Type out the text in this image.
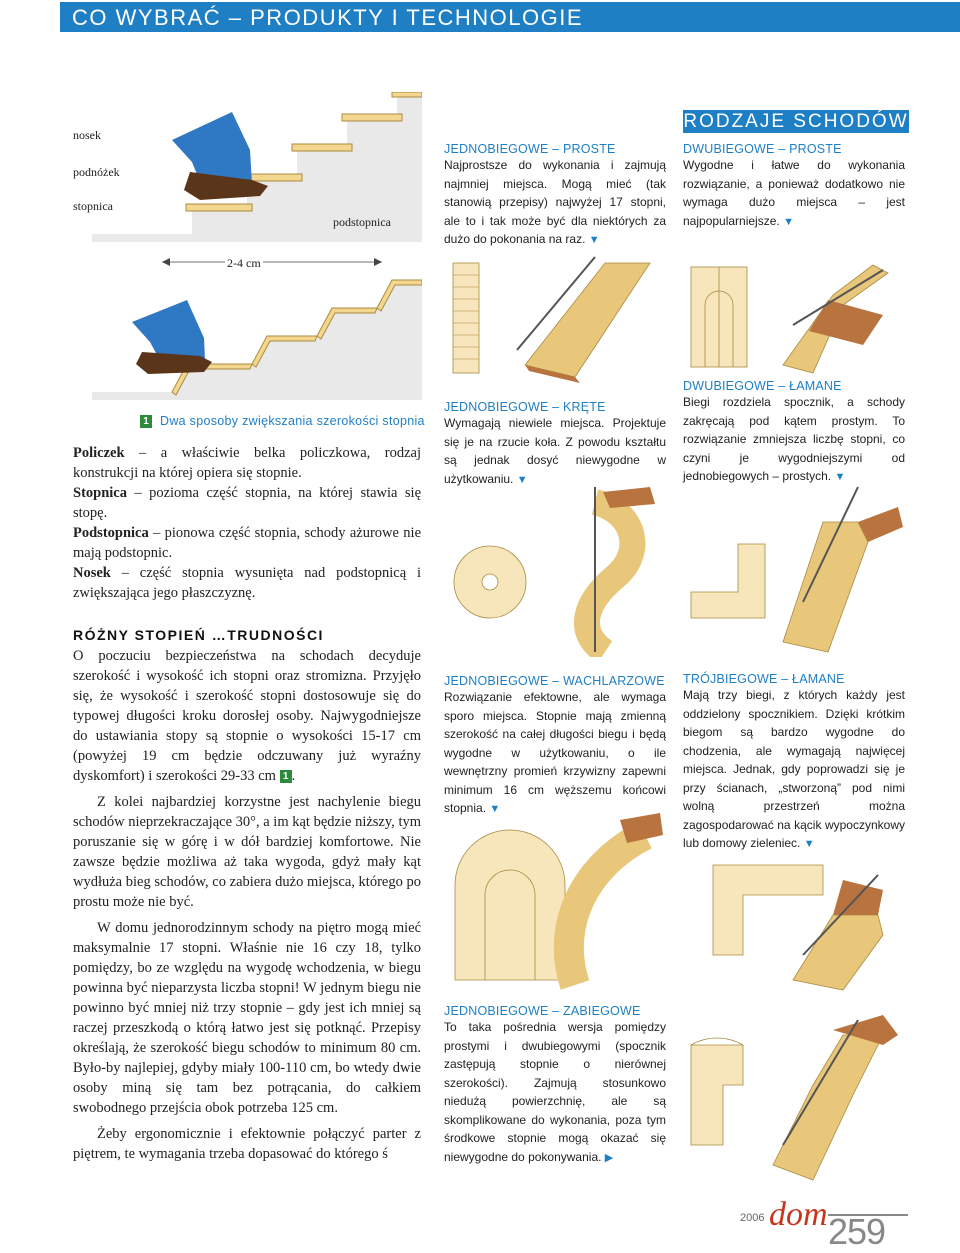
CO WYBRAĆ – PRODUKTY I TECHNOLOGIE
nosek
podnóżek
stopnica
podstopnica
2-4 cm
1 Dwa sposoby zwiększania szerokości stopnia

Policzek – a właściwie belka policzkowa, rodzaj konstrukcji na której opiera się stopnie.

Stopnica – pozioma część stopnia, na której stawia się stopę.

Podstopnica – pionowa część stopnia, schody ażurowe nie mają podstopnic.

Nosek – część stopnia wysunięta nad podstopnicą i zwiększająca jego płaszczyznę.

RÓŻNY STOPIEŃ …TRUDNOŚCI

O poczuciu bezpieczeństwa na schodach decyduje szerokość i wysokość ich stopni oraz stromizna. Przyjęło się, że wysokość i szerokość stopni dostosowuje się do typowej długości kroku dorosłej osoby. Najwygodniejsze do ustawiania stopy są stopnie o wysokości 15-17 cm (powyżej 19 cm będzie odczuwany już wyraźny dyskomfort) i szerokości 29-33 cm 1 .

Z kolei najbardziej korzystne jest nachylenie biegu schodów nieprzekraczające 30°, a im kąt będzie niższy, tym poruszanie się w górę i w dół bardziej komfortowe. Nie zawsze będzie możliwa aż taka wygoda, gdyż mały kąt wydłuża bieg schodów, co zabiera dużo miejsca, którego po prostu może nie być.

W domu jednorodzinnym schody na piętro mogą mieć maksymalnie 17 stopni. Właśnie nie 16 czy 18, tylko pomiędzy, bo ze względu na wygodę wchodzenia, w biegu powinna być nieparzysta liczba stopni! W jednym biegu nie powinno być mniej niż trzy stopnie – gdy jest ich mniej są raczej przeszkodą o którą łatwo jest się potknąć. Przepisy określają, że szerokość biegu schodów to minimum 80 cm. Było-by najlepiej, gdyby miały 100-110 cm, bo wtedy dwie osoby miną się tam bez potrącania, do całkiem swobodnego przejścia obok potrzeba 125 cm.

Żeby ergonomicznie i efektownie połączyć parter z piętrem, te wymagania trzeba dopasować do którego ś

RODZAJE SCHODÓW
JEDNOBIEGOWE – PROSTE
Najprostsze do wykonania i zajmują najmniej miejsca. Mogą mieć (tak stanowią przepisy) najwyżej 17 stopni, ale to i tak może być dla niektórych za dużo do pokonania na raz. ▼
DWUBIEGOWE – PROSTE
Wygodne i łatwe do wykonania rozwiązanie, a ponieważ dodatkowo nie wymaga dużo miejsca – jest najpopularniejsze. ▼
JEDNOBIEGOWE – KRĘTE
Wymagają niewiele miejsca. Projektuje się je na rzucie koła. Z powodu kształtu są jednak dosyć niewygodne w użytkowaniu. ▼
DWUBIEGOWE – ŁAMANE
Biegi rozdziela spocznik, a schody zakręcają pod kątem prostym. To rozwiązanie zmniejsza liczbę stopni, co czyni je wygodniejszymi od jednobiegowych – prostych. ▼
JEDNOBIEGOWE – WACHLARZOWE
Rozwiązanie efektowne, ale wymaga sporo miejsca. Stopnie mają zmienną szerokość na całej długości biegu i będą wygodne w użytkowaniu, o ile wewnętrzny promień krzywizny zapewni minimum 16 cm węższemu końcowi stopnia. ▼
TRÓJBIEGOWE – ŁAMANE
Mają trzy biegi, z których każdy jest oddzielony spocznikiem. Dzięki krótkim biegom są bardzo wygodne do chodzenia, ale wymagają najwięcej miejsca. Jednak, gdy poprowadzi się je przy ścianach, „stworzoną” pod nimi wolną przestrzeń można zagospodarować na kącik wypoczynkowy lub domowy zieleniec. ▼
JEDNOBIEGOWE – ZABIEGOWE
To taka pośrednia wersja pomiędzy prostymi i dwubiegowymi (spocznik zastępują stopnie o nierównej szerokości). Zajmują stosunkowo niedużą powierzchnię, ale są skomplikowane do wykonania, poza tym środkowe stopnie mogą okazać się niewygodne do pokonywania. ▶
2006 dom 259
